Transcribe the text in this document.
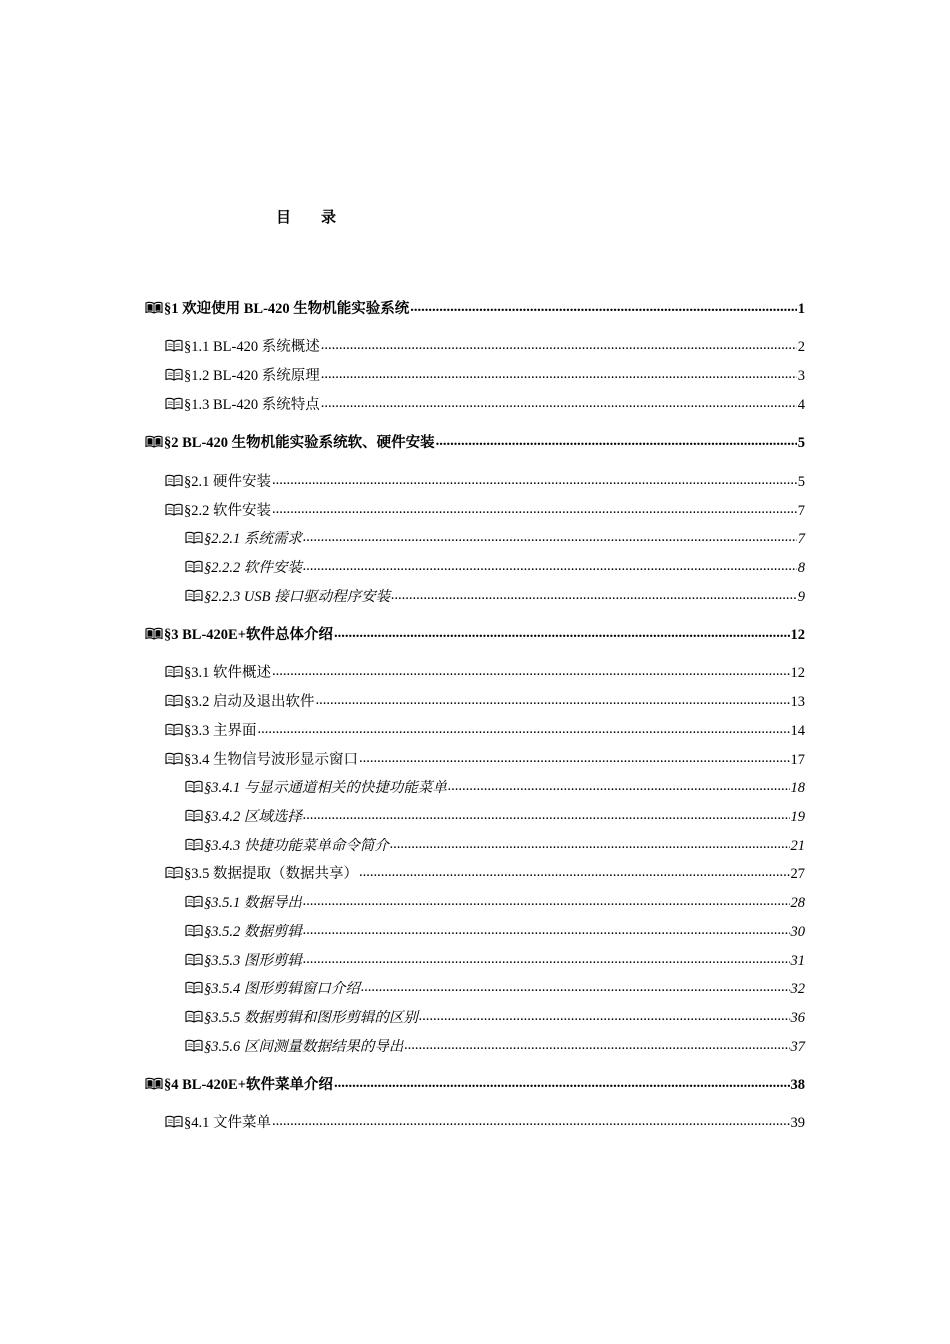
目 录
§1 欢迎使用 BL-420 生物机能实验系统 .....	1
§1.1 BL-420 系统概述 .....	2
§1.2 BL-420 系统原理 .....	3
§1.3 BL-420 系统特点 .....	4
§2 BL-420 生物机能实验系统软、硬件安装 .....	5
§2.1 硬件安装 .....	5
§2.2 软件安装 .....	7
§2.2.1 系统需求 .....	7
§2.2.2 软件安装 .....	8
§2.2.3 USB 接口驱动程序安装 .....	9
§3 BL-420E+软件总体介绍 .....	12
§3.1 软件概述 .....	12
§3.2 启动及退出软件 .....	13
§3.3 主界面 .....	14
§3.4 生物信号波形显示窗口 .....	17
§3.4.1 与显示通道相关的快捷功能菜单 .....	18
§3.4.2 区域选择 .....	19
§3.4.3 快捷功能菜单命令简介 .....	21
§3.5 数据提取（数据共享） .....	27
§3.5.1 数据导出 .....	28
§3.5.2 数据剪辑 .....	30
§3.5.3 图形剪辑 .....	31
§3.5.4 图形剪辑窗口介绍 .....	32
§3.5.5 数据剪辑和图形剪辑的区别 .....	36
§3.5.6 区间测量数据结果的导出 .....	37
§4 BL-420E+软件菜单介绍 .....	38
§4.1 文件菜单 .....	39
